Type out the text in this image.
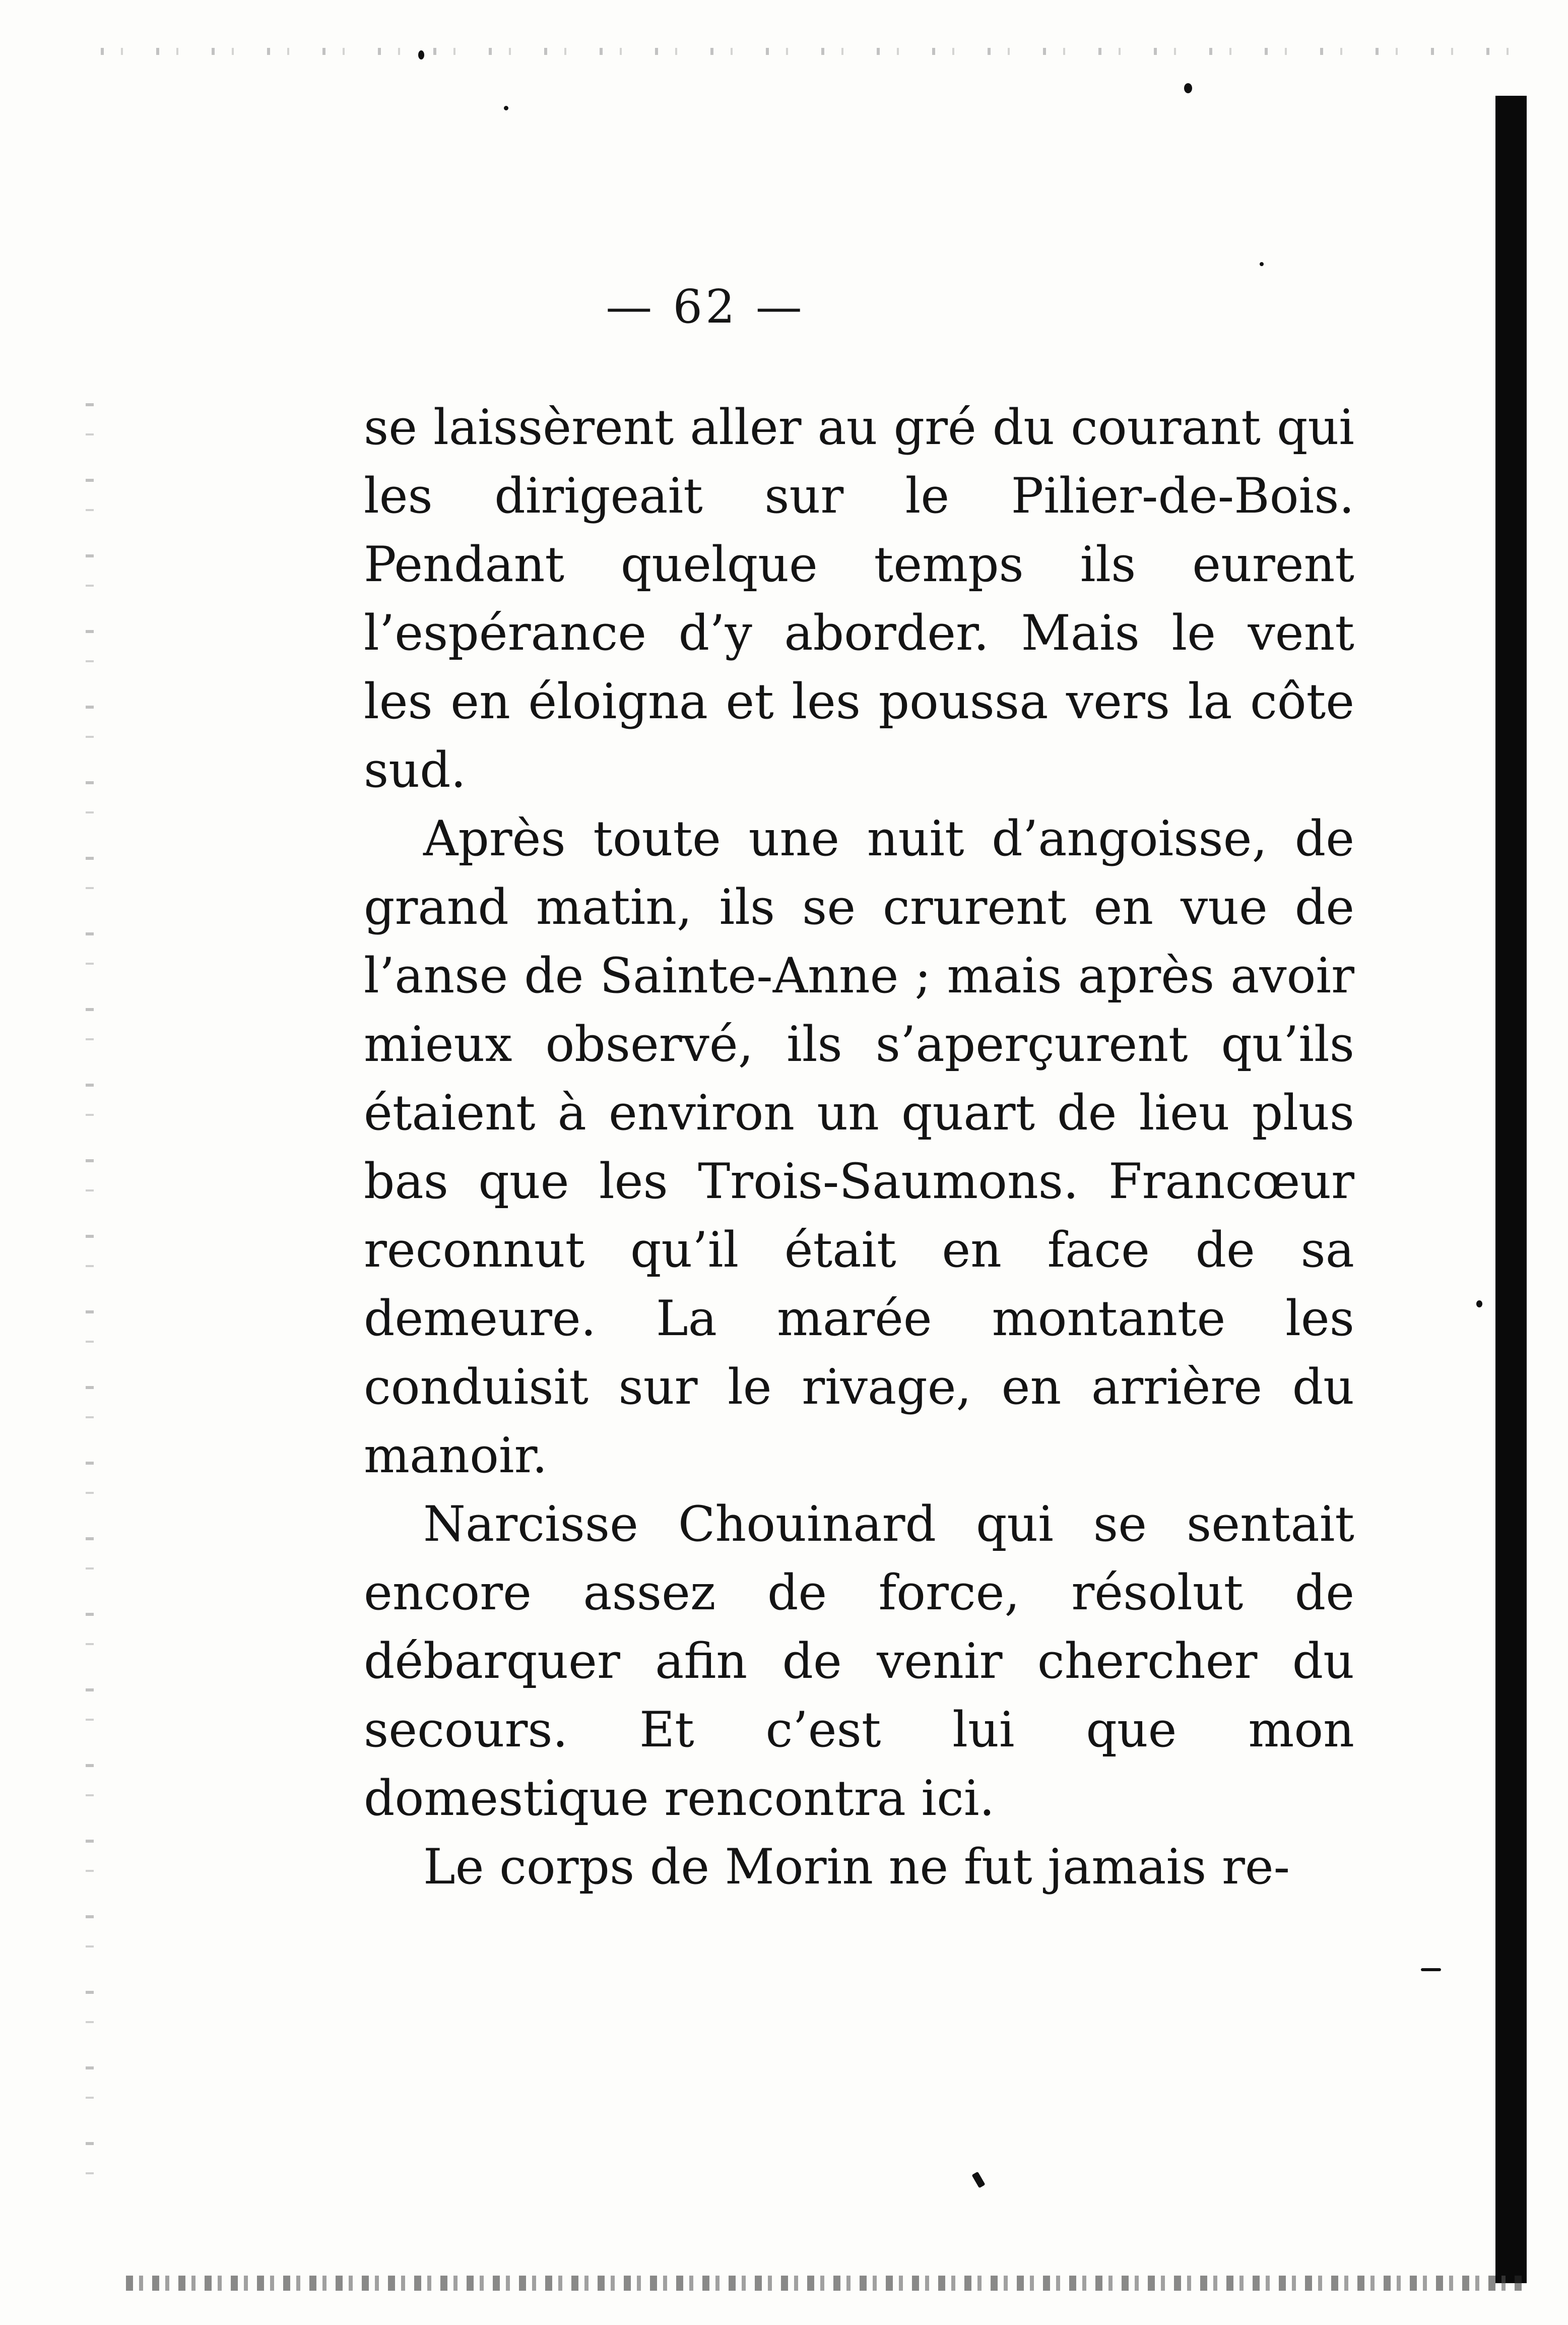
— 62 —

se laissèrent aller au gré du courant qui les dirigeait sur le Pilier-de-Bois. Pendant quelque temps ils eurent l’espérance d’y aborder. Mais le vent les en éloigna et les poussa vers la côte sud.

Après toute une nuit d’angoisse, de grand matin, ils se crurent en vue de l’anse de Sainte-Anne ; mais après avoir mieux observé, ils s’aperçurent qu’ils étaient à environ un quart de lieu plus bas que les Trois-Saumons. Francœur reconnut qu’il était en face de sa demeure. La marée montante les conduisit sur le rivage, en arrière du manoir.

Narcisse Chouinard qui se sentait encore assez de force, résolut de débarquer afin de venir chercher du secours. Et c’est lui que mon domestique rencontra ici.

Le corps de Morin ne fut jamais re-
